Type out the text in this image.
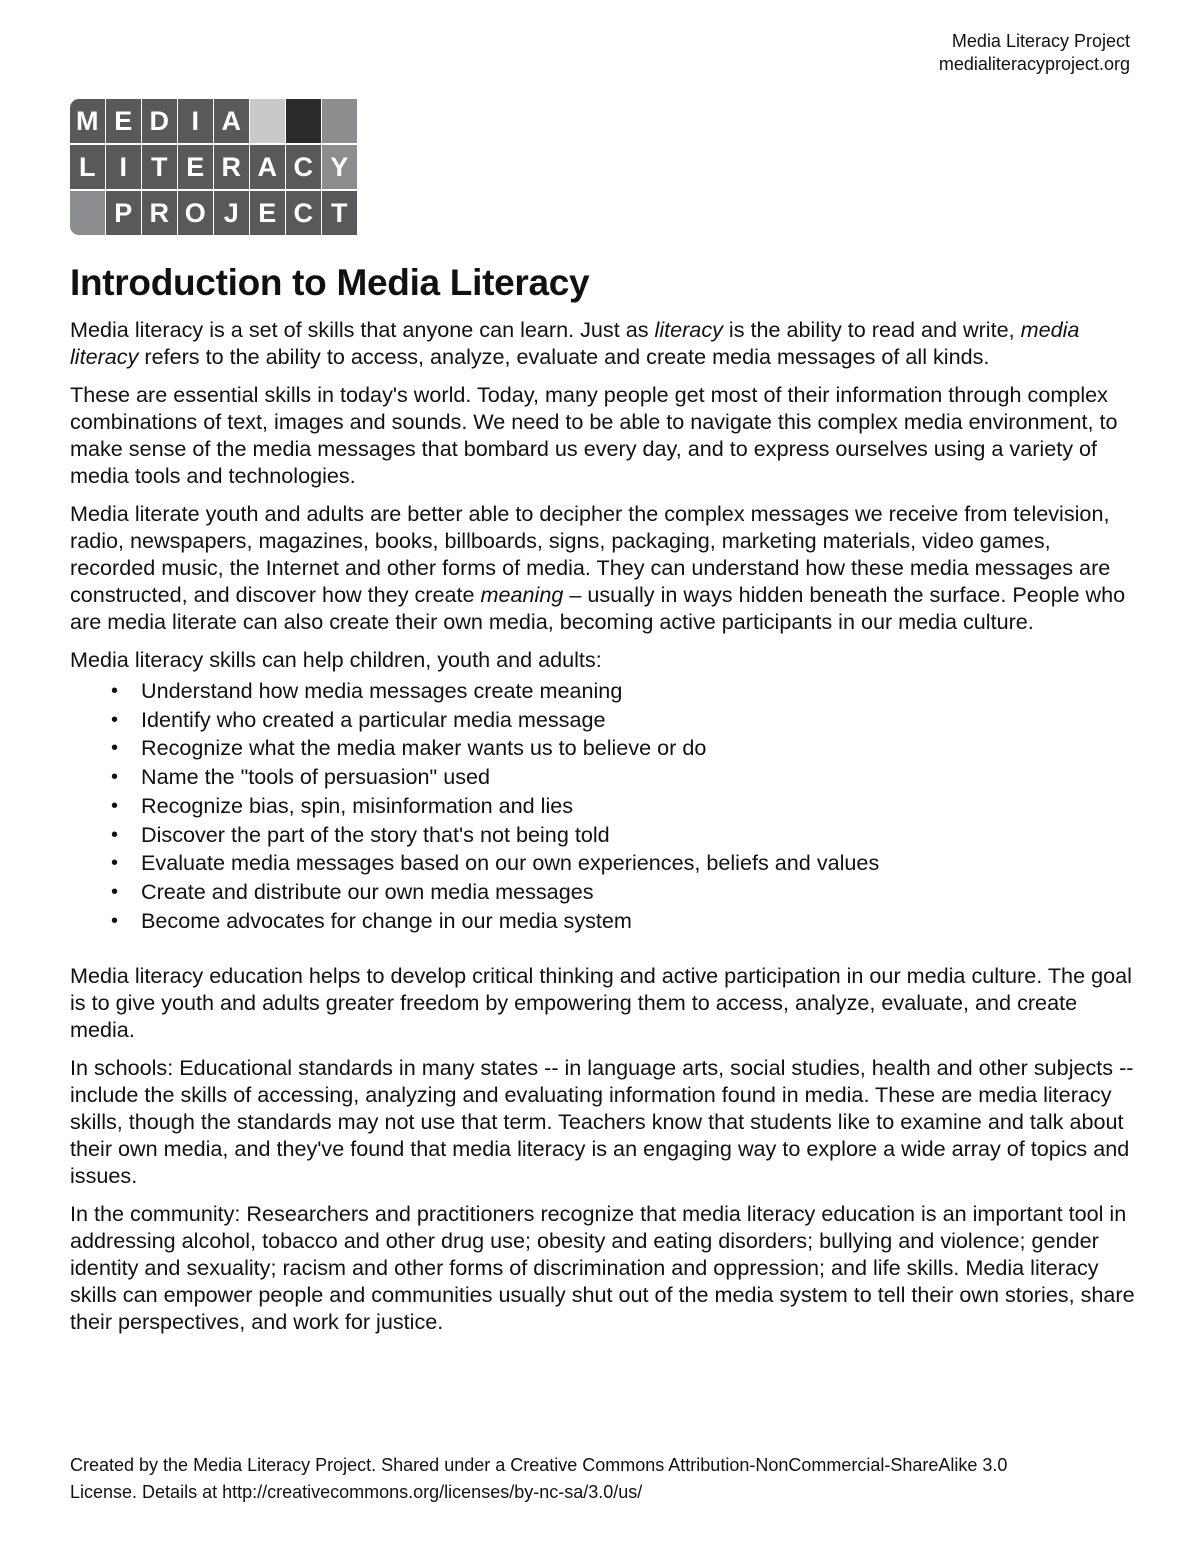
Media Literacy Project
medialiteracyproject.org
M E D I A
L I T E R A C Y
P R O J E C T
Introduction to Media Literacy

Media literacy is a set of skills that anyone can learn. Just as literacy is the ability to read and write, media literacy refers to the ability to access, analyze, evaluate and create media messages of all kinds.

These are essential skills in today's world. Today, many people get most of their information through complex combinations of text, images and sounds. We need to be able to navigate this complex media environment, to make sense of the media messages that bombard us every day, and to express ourselves using a variety of media tools and technologies.

Media literate youth and adults are better able to decipher the complex messages we receive from television, radio, newspapers, magazines, books, billboards, signs, packaging, marketing materials, video games, recorded music, the Internet and other forms of media. They can understand how these media messages are constructed, and discover how they create meaning – usually in ways hidden beneath the surface. People who are media literate can also create their own media, becoming active participants in our media culture.

Media literacy skills can help children, youth and adults:

• Understand how media messages create meaning
• Identify who created a particular media message
• Recognize what the media maker wants us to believe or do
• Name the "tools of persuasion" used
• Recognize bias, spin, misinformation and lies
• Discover the part of the story that's not being told
• Evaluate media messages based on our own experiences, beliefs and values
• Create and distribute our own media messages
• Become advocates for change in our media system

Media literacy education helps to develop critical thinking and active participation in our media culture. The goal is to give youth and adults greater freedom by empowering them to access, analyze, evaluate, and create media.

In schools: Educational standards in many states -- in language arts, social studies, health and other subjects -- include the skills of accessing, analyzing and evaluating information found in media. These are media literacy skills, though the standards may not use that term. Teachers know that students like to examine and talk about their own media, and they've found that media literacy is an engaging way to explore a wide array of topics and issues.

In the community: Researchers and practitioners recognize that media literacy education is an important tool in addressing alcohol, tobacco and other drug use; obesity and eating disorders; bullying and violence; gender identity and sexuality; racism and other forms of discrimination and oppression; and life skills. Media literacy skills can empower people and communities usually shut out of the media system to tell their own stories, share their perspectives, and work for justice.

Created by the Media Literacy Project. Shared under a Creative Commons Attribution-NonCommercial-ShareAlike 3.0
License. Details at http://creativecommons.org/licenses/by-nc-sa/3.0/us/
